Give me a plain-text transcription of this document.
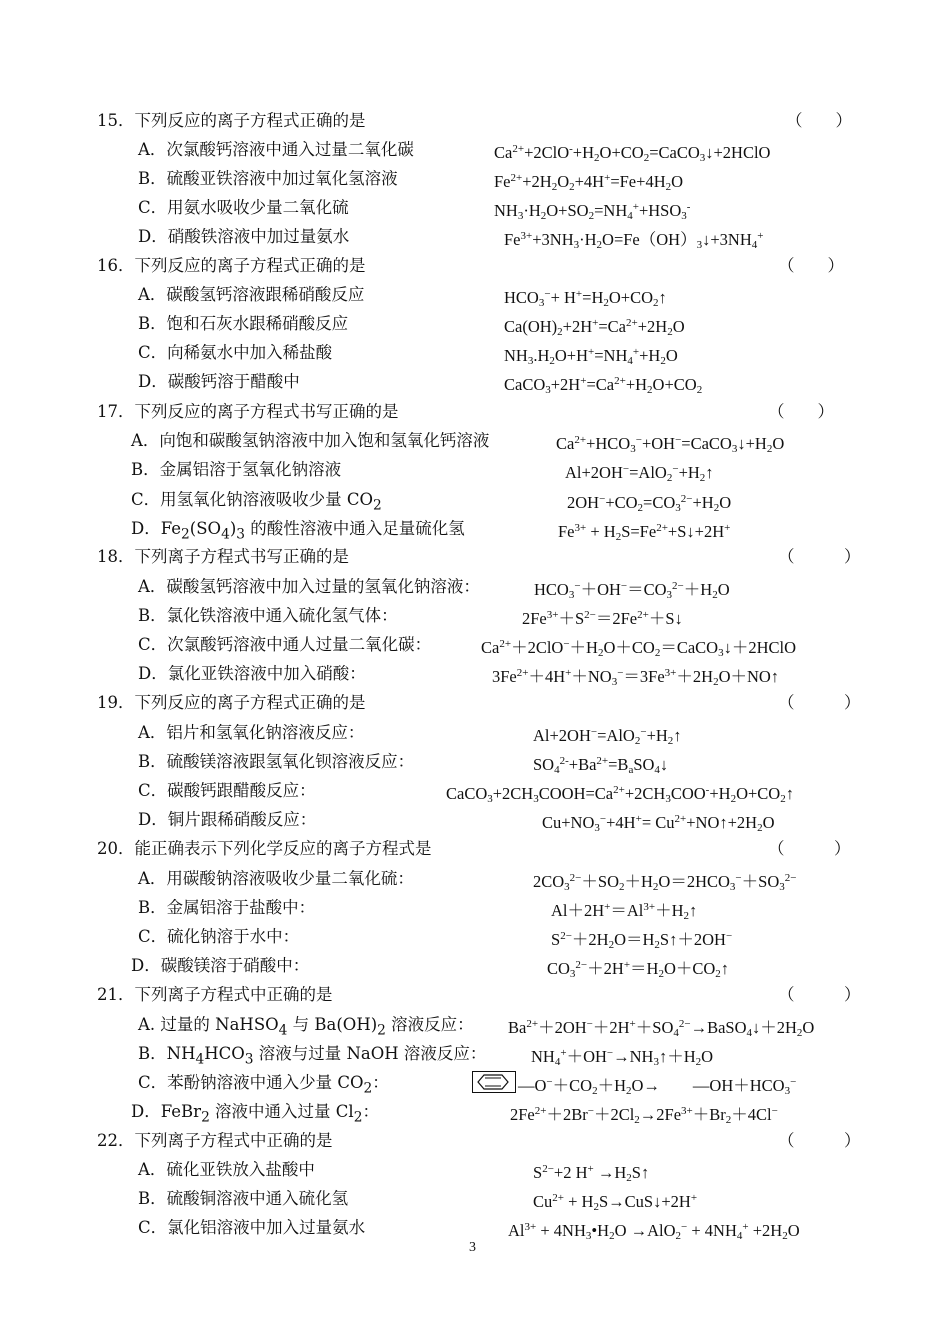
15．下列反应的离子方程式正确的是	（　　）
A．次氯酸钙溶液中通入过量二氧化碳	$Ca^{2+}+2ClO^-+H_2O+CO_2=CaCO_3↓+2HClO$
B．硫酸亚铁溶液中加过氧化氢溶液	$Fe^{2+}+2H_2O_2+4H^+=Fe+4H_2O$
C．用氨水吸收少量二氧化硫	$NH_3\cdot H_2O+SO_2=NH_4^++HSO_3^-$
D．硝酸铁溶液中加过量氨水	$Fe^{3+}+3NH_3\cdot H_2O=Fe(OH)_3↓+3NH_4^+$
16．下列反应的离子方程式正确的是	（　　）
A．碳酸氢钙溶液跟稀硝酸反应	$HCO_3^-+$ $H^+=H_2O+CO_2↑$
B．饱和石灰水跟稀硝酸反应	$Ca(OH)_2+2H^+=Ca^{2+}+2H_2O$
C．向稀氨水中加入稀盐酸	$NH_3.H_2O+H^+=NH_4^++H_2O$
D．碳酸钙溶于醋酸中	$CaCO_3+2H^+=Ca^{2+}+H_2O+CO_2$
17．下列反应的离子方程式书写正确的是	（　　）
A．向饱和碳酸氢钠溶液中加入饱和氢氧化钙溶液	$Ca^{2+}+HCO_3^-+OH^-=CaCO_3↓+H_2O$
B．金属铝溶于氢氧化钠溶液	$Al+2OH^-=AlO_2^-+H_2↑$
C．用氢氧化钠溶液吸收少量 $CO_2$	$2OH^-+CO_2=CO_3^{2-}+H_2O$
D．$Fe_2(SO_4)_3$ 的酸性溶液中通入足量硫化氢	$Fe^{3+}$ + $H_2S=Fe^{2+}+S↓+2H^+$
18．下列离子方程式书写正确的是	（　　　）
A．碳酸氢钙溶液中加入过量的氢氧化钠溶液：	$HCO_3^-+OH^-=CO_3^{2-}+H_2O$
B．氯化铁溶液中通入硫化氢气体：	$2Fe^{3+}+S^{2-}=2Fe^{2+}+S↓$
C．次氯酸钙溶液中通人过量二氧化碳：	$Ca^{2+}+2ClO^-+H_2O+CO_2=CaCO_3↓+2HClO$
D．氯化亚铁溶液中加入硝酸：	$3Fe^{2+}+4H^++NO_3^-=3Fe^{3+}+2H_2O+NO↑$
19．下列反应的离子方程式正确的是	（　　　）
A．铝片和氢氧化钠溶液反应：	$Al+2OH^-=AlO_2^-+H_2↑$
B．硫酸镁溶液跟氢氧化钡溶液反应：	$SO_4^{2-}+Ba^{2+}=B_aSO_4↓$
C．碳酸钙跟醋酸反应：	$CaCO_3+2CH_3COOH=Ca^{2+}+2CH_3COO^-+H_2O+CO_2↑$
D．铜片跟稀硝酸反应：	$Cu+NO_3^-+4H^+=$ $Cu^{2+}+NO↑+2H_2O$
20．能正确表示下列化学反应的离子方程式是	（　　　）
A．用碳酸钠溶液吸收少量二氧化硫：	$2CO_3^{2-}+SO_2+H_2O=2HCO_3^-+SO_3^{2-}$
B．金属铝溶于盐酸中：	$Al+2H^+=Al^{3+}+H_2↑$
C．硫化钠溶于水中：	$S^{2-}+2H_2O=H_2S↑+2OH^-$
D．碳酸镁溶于硝酸中：	$CO_3^{2-}+2H^+=H_2O+CO_2↑$
21．下列离子方程式中正确的是	（　　　）
A. 过量的 NaHSO$_4$ 与 $Ba(OH)_2$ 溶液反应： $Ba^{2+}+2OH^-+2H^++SO_4^{2-}\to BaSO_4↓+2H_2O$
B．$NH_4HCO_3$ 溶液与过量 NaOH 溶液反应：	$NH_4^++OH^-\to NH_3↑+H_2O$
C．苯酚钠溶液中通入少量 $CO_2$：	$—O^-+CO_2+H_2O\to$　　$—OH+HCO_3^-$
D．FeBr$_2$ 溶液中通入过量 $Cl_2$：	$2Fe^{2+}+2Br^-+2Cl_2\to 2Fe^{3+}+Br_2+4Cl^-$
22．下列离子方程式中正确的是	（　　　）
A．硫化亚铁放入盐酸中	$S^{2-}+2$ $H^+ \to H_2S↑$
B．硫酸铜溶液中通入硫化氢	$Cu^{2+}$ + $H_2S\to CuS↓+2H^+$
C．氯化铝溶液中加入过量氨水	$Al^{3+}$ + $4NH_3•H_2O \to AlO_2^- + 4NH_4^+ +2H_2O$
3
